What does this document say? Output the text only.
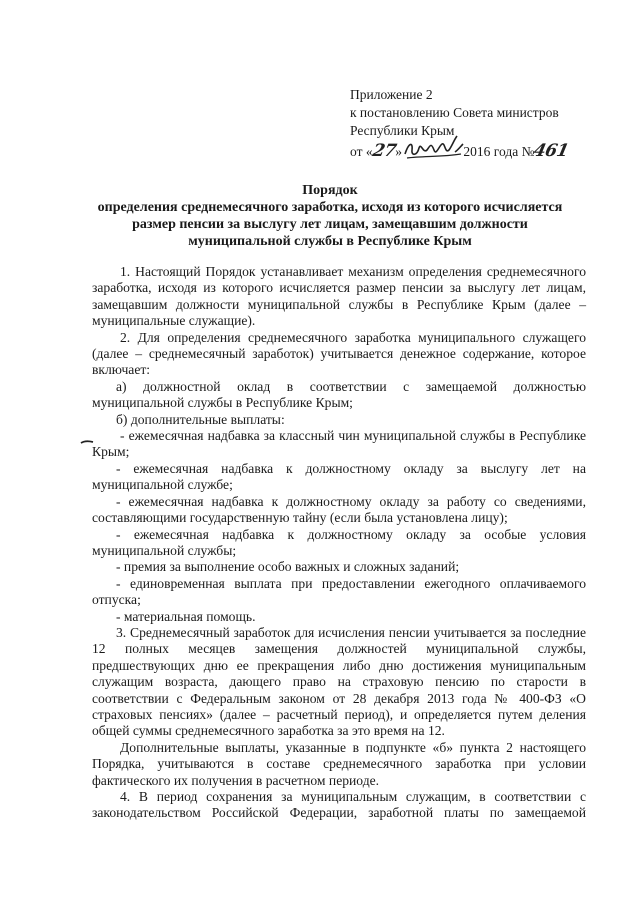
Приложение 2
к постановлению Совета министров
Республики Крым
от «27»	2016 года №461
Порядок
определения среднемесячного заработка, исходя из которого исчисляется
размер пенсии за выслугу лет лицам, замещавшим должности
муниципальной службы в Республике Крым

1. Настоящий Порядок устанавливает механизм определения среднемесячного заработка, исходя из которого исчисляется размер пенсии за выслугу лет лицам, замещавшим должности муниципальной службы в Республике Крым (далее – муниципальные служащие).

2. Для определения среднемесячного заработка муниципального служащего (далее – среднемесячный заработок) учитывается денежное содержание, которое включает:

а) должностной оклад в соответствии с замещаемой должностью муниципальной службы в Республике Крым;

б) дополнительные выплаты:

- ежемесячная надбавка за классный чин муниципальной службы в Республике Крым;

- ежемесячная надбавка к должностному окладу за выслугу лет на муниципальной службе;

- ежемесячная надбавка к должностному окладу за работу со сведениями, составляющими государственную тайну (если была установлена лицу);

- ежемесячная надбавка к должностному окладу за особые условия муниципальной службы;

- премия за выполнение особо важных и сложных заданий;

- единовременная выплата при предоставлении ежегодного оплачиваемого отпуска;

- материальная помощь.

3. Среднемесячный заработок для исчисления пенсии учитывается за последние 12 полных месяцев замещения должностей муниципальной службы, предшествующих дню ее прекращения либо дню достижения муниципальным служащим возраста, дающего право на страховую пенсию по старости в соответствии с Федеральным законом от 28 декабря 2013 года № 400-ФЗ «О страховых пенсиях» (далее – расчетный период), и определяется путем деления общей суммы среднемесячного заработка за это время на 12.

Дополнительные выплаты, указанные в подпункте «б» пункта 2 настоящего Порядка, учитываются в составе среднемесячного заработка при условии фактического их получения в расчетном периоде.

4. В период сохранения за муниципальным служащим, в соответствии с законодательством Российской Федерации, заработной платы по замещаемой
